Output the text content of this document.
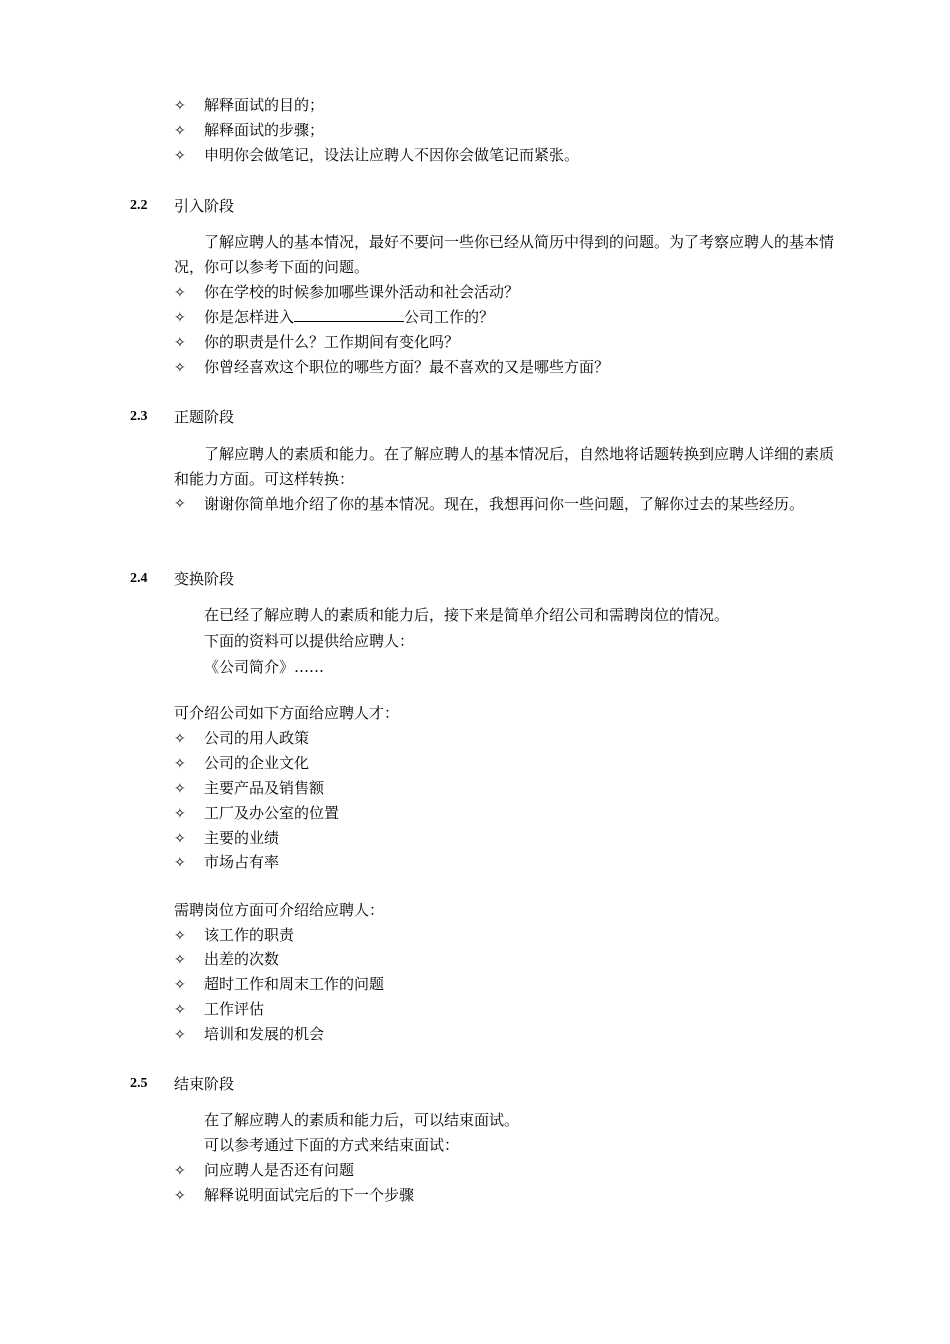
✧ 解释面试的目的；
✧ 解释面试的步骤；
✧ 申明你会做笔记，设法让应聘人不因你会做笔记而紧张。
2.2 引入阶段
了解应聘人的基本情况，最好不要问一些你已经从简历中得到的问题。为了考察应聘人的基本情况，你可以参考下面的问题。
✧ 你在学校的时候参加哪些课外活动和社会活动？
✧ 你是怎样进入	公司工作的？
✧ 你的职责是什么？工作期间有变化吗？
✧ 你曾经喜欢这个职位的哪些方面？最不喜欢的又是哪些方面？
2.3 正题阶段
了解应聘人的素质和能力。在了解应聘人的基本情况后，自然地将话题转换到应聘人详细的素质和能力方面。可这样转换：
✧	谢谢你简单地介绍了你的基本情况。现在，我想再问你一些问题，了解你过去的某些经历。
2.4 变换阶段
在已经了解应聘人的素质和能力后，接下来是简单介绍公司和需聘岗位的情况。
下面的资料可以提供给应聘人：
《公司简介》……
可介绍公司如下方面给应聘人才：
✧ 公司的用人政策
✧ 公司的企业文化
✧ 主要产品及销售额
✧ 工厂及办公室的位置
✧ 主要的业绩
✧ 市场占有率
需聘岗位方面可介绍给应聘人：
✧ 该工作的职责
✧ 出差的次数
✧ 超时工作和周末工作的问题
✧ 工作评估
✧ 培训和发展的机会
2.5 结束阶段
在了解应聘人的素质和能力后，可以结束面试。
可以参考通过下面的方式来结束面试：
✧ 问应聘人是否还有问题
✧ 解释说明面试完后的下一个步骤
